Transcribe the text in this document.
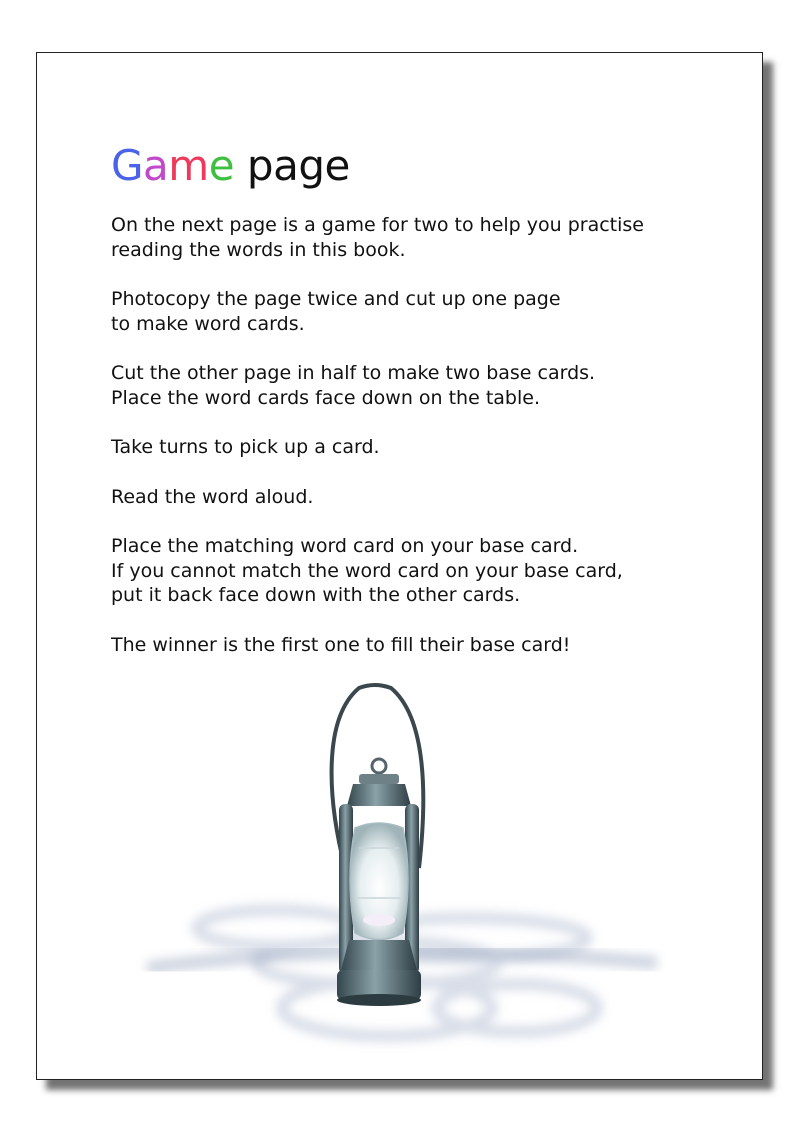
Game page

On the next page is a game for two to help you practise
reading the words in this book.

Photocopy the page twice and cut up one page
to make word cards.

Cut the other page in half to make two base cards.
Place the word cards face down on the table.

Take turns to pick up a card.

Read the word aloud.

Place the matching word card on your base card.
If you cannot match the word card on your base card,
put it back face down with the other cards.

The winner is the first one to fill their base card!
